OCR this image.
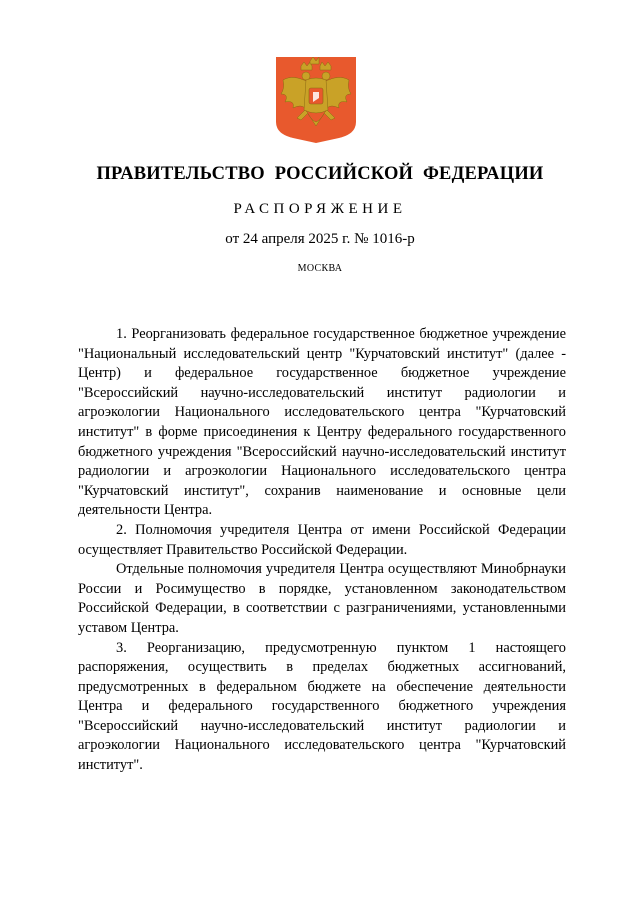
ПРАВИТЕЛЬСТВО РОССИЙСКОЙ ФЕДЕРАЦИИ
РАСПОРЯЖЕНИЕ
от 24 апреля 2025 г. № 1016-р
МОСКВА

1. Реорганизовать федеральное государственное бюджетное учреждение "Национальный исследовательский центр "Курчатовский институт" (далее - Центр) и федеральное государственное бюджетное учреждение "Всероссийский научно-исследовательский институт радиологии и агроэкологии Национального исследовательского центра "Курчатовский институт" в форме присоединения к Центру федерального государственного бюджетного учреждения "Всероссийский научно-исследовательский институт радиологии и агроэкологии Национального исследовательского центра "Курчатовский институт", сохранив наименование и основные цели деятельности Центра.

2. Полномочия учредителя Центра от имени Российской Федерации осуществляет Правительство Российской Федерации.

Отдельные полномочия учредителя Центра осуществляют Минобрнауки России и Росимущество в порядке, установленном законодательством Российской Федерации, в соответствии с разграничениями, установленными уставом Центра.

3. Реорганизацию, предусмотренную пунктом 1 настоящего распоряжения, осуществить в пределах бюджетных ассигнований, предусмотренных в федеральном бюджете на обеспечение деятельности Центра и федерального государственного бюджетного учреждения "Всероссийский научно-исследовательский институт радиологии и агроэкологии Национального исследовательского центра "Курчатовский институт".
